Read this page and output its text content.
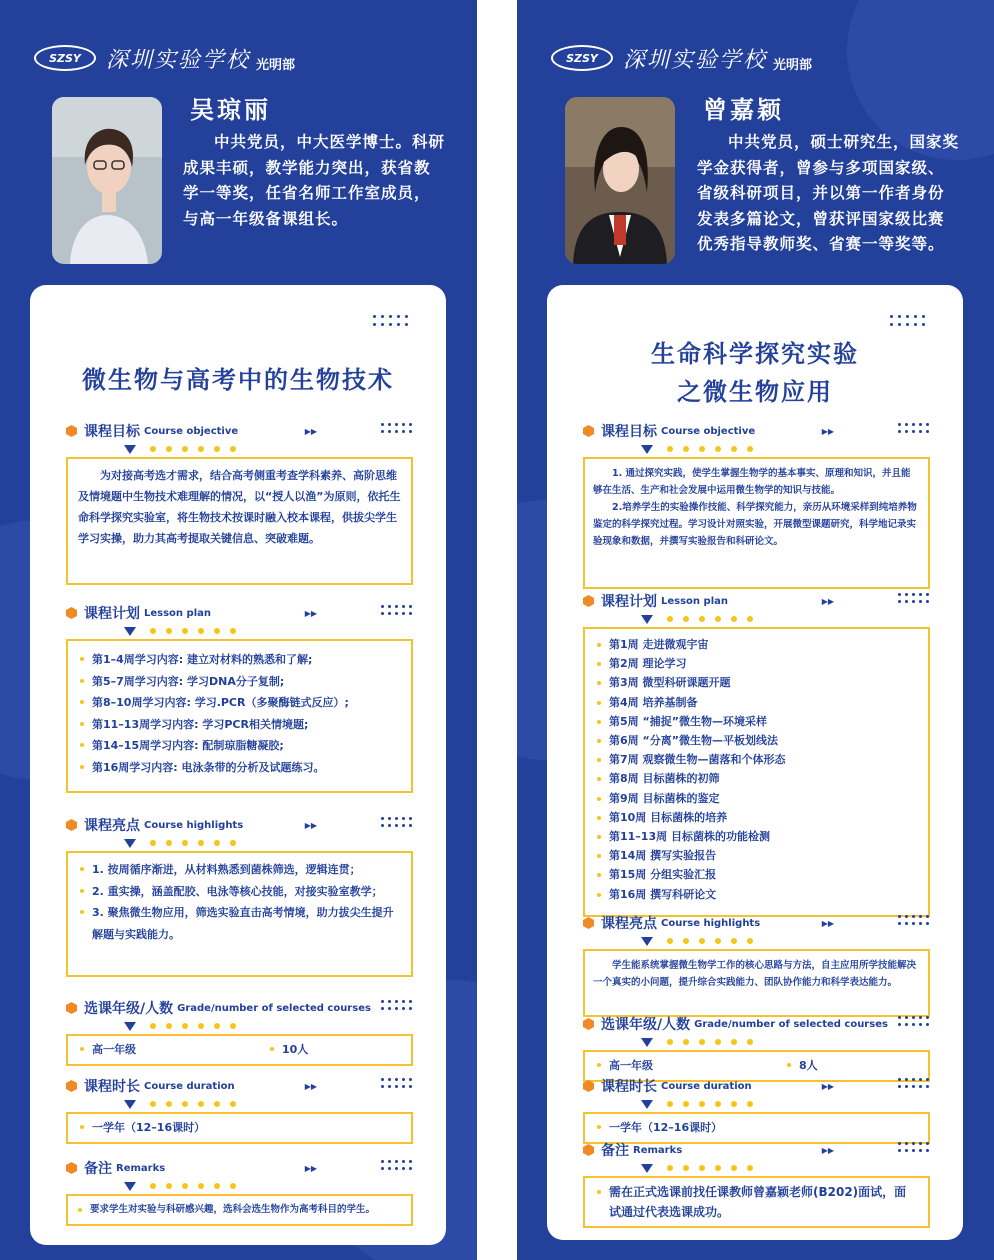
SZSY	深圳实验学校 光明部
吴琼丽
中共党员，中大医学博士。科研成果丰硕，教学能力突出，获省教学一等奖，任省名师工作室成员，与高一年级备课组长。
微生物与高考中的生物技术
课程目标 Course objective	▶▶

为对接高考选才需求，结合高考侧重考查学科素养、高阶思维及情境题中生物技术难理解的情况，以“授人以渔”为原则，依托生命科学探究实验室，将生物技术按课时融入校本课程，供拔尖学生学习实操，助力其高考提取关键信息、突破难题。

课程计划 Lesson plan	▶▶
第1–4周学习内容: 建立对材料的熟悉和了解;
第5–7周学习内容: 学习DNA分子复制;
第8–10周学习内容: 学习.PCR（多聚酶链式反应）;
第11–13周学习内容: 学习PCR相关情境题;
第14–15周学习内容: 配制琼脂糖凝胶;
第16周学习内容: 电泳条带的分析及试题练习。
课程亮点 Course highlights	▶▶
1. 按周循序渐进，从材料熟悉到菌株筛选，逻辑连贯；
2. 重实操，涵盖配胶、电泳等核心技能，对接实验室教学；
3. 聚焦微生物应用，筛选实验直击高考情境，助力拔尖生提升解题与实践能力。
选课年级/人数 Grade/number of selected courses
高一年级	10人
课程时长 Course duration	▶▶
一学年（12–16课时）
备注 Remarks	▶▶
要求学生对实验与科研感兴趣，选科会选生物作为高考科目的学生。
SZSY	深圳实验学校 光明部
曾嘉颖
中共党员，硕士研究生，国家奖学金获得者，曾参与多项国家级、省级科研项目，并以第一作者身份发表多篇论文，曾获评国家级比赛优秀指导教师奖、省赛一等奖等。
生命科学探究实验
之微生物应用
课程目标 Course objective	▶▶

1. 通过探究实践，使学生掌握生物学的基本事实、原理和知识，并且能够在生活、生产和社会发展中运用微生物学的知识与技能。

2.培养学生的实验操作技能、科学探究能力，亲历从环境采样到纯培养物鉴定的科学探究过程。学习设计对照实验，开展微型课题研究，科学地记录实验现象和数据，并撰写实验报告和科研论文。

课程计划 Lesson plan	▶▶
第1周 走进微观宇宙
第2周 理论学习
第3周 微型科研课题开题
第4周 培养基制备
第5周 “捕捉”微生物—环境采样
第6周 “分离”微生物—平板划线法
第7周 观察微生物—菌落和个体形态
第8周 目标菌株的初筛
第9周 目标菌株的鉴定
第10周 目标菌株的培养
第11–13周 目标菌株的功能检测
第14周 撰写实验报告
第15周 分组实验汇报
第16周 撰写科研论文
课程亮点 Course highlights	▶▶

学生能系统掌握微生物学工作的核心思路与方法，自主应用所学技能解决一个真实的小问题，提升综合实践能力、团队协作能力和科学表达能力。

选课年级/人数 Grade/number of selected courses
高一年级	8人
课程时长 Course duration	▶▶
一学年（12–16课时）
备注 Remarks	▶▶
需在正式选课前找任课教师曾嘉颖老师(B202)面试，面试通过代表选课成功。
